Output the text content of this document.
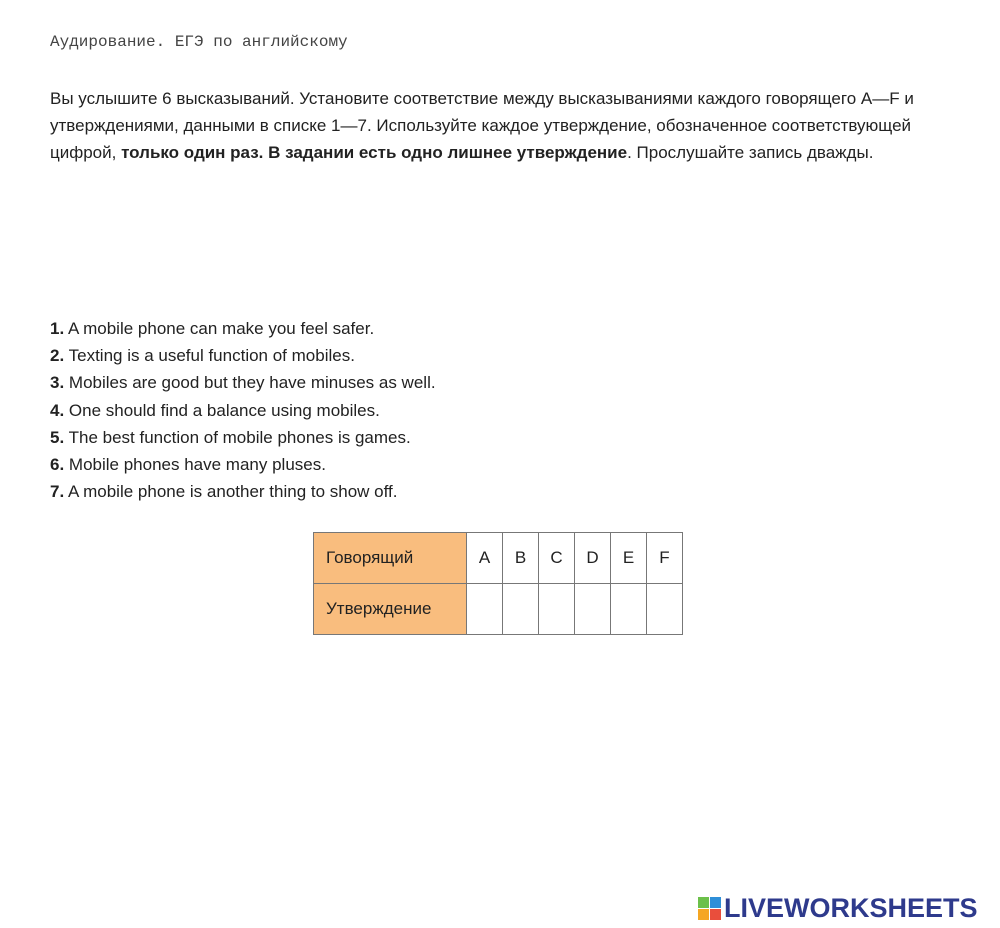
Аудирование. ЕГЭ по английскому
Вы услышите 6 высказываний. Установите соответствие между высказываниями каждого говорящего A—F и утверждениями, данными в списке 1—7. Используйте каждое утверждение, обозначенное соответствующей цифрой, только один раз. В задании есть одно лишнее утверждение. Прослушайте запись дважды.
1. A mobile phone can make you feel safer.
2. Texting is a useful function of mobiles.
3. Mobiles are good but they have minuses as well.
4. One should find a balance using mobiles.
5. The best function of mobile phones is games.
6. Mobile phones have many pluses.
7. A mobile phone is another thing to show off.
Говорящий	A	B	C	D	E	F
Утверждение						
LIVEWORKSHEETS
